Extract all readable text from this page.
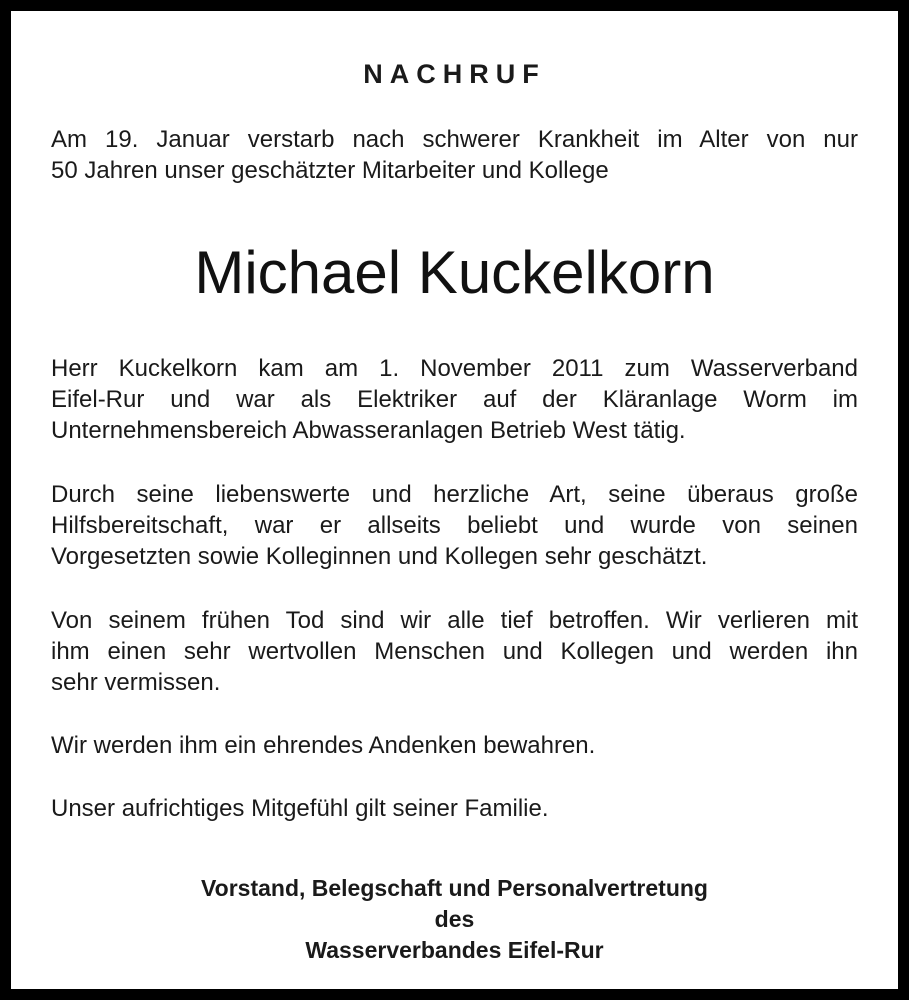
NACHRUF

Am 19. Januar verstarb nach schwerer Krankheit im Alter von nur
50 Jahren unser geschätzter Mitarbeiter und Kollege

Michael Kuckelkorn

Herr Kuckelkorn kam am 1. November 2011 zum Wasserverband
Eifel-Rur und war als Elektriker auf der Kläranlage Worm im
Unternehmensbereich Abwasseranlagen Betrieb West tätig.

Durch seine liebenswerte und herzliche Art, seine überaus große
Hilfsbereitschaft, war er allseits beliebt und wurde von seinen
Vorgesetzten sowie Kolleginnen und Kollegen sehr geschätzt.

Von seinem frühen Tod sind wir alle tief betroffen. Wir verlieren mit
ihm einen sehr wertvollen Menschen und Kollegen und werden ihn
sehr vermissen.

Wir werden ihm ein ehrendes Andenken bewahren.

Unser aufrichtiges Mitgefühl gilt seiner Familie.

Vorstand, Belegschaft und Personalvertretung
des
Wasserverbandes Eifel-Rur
